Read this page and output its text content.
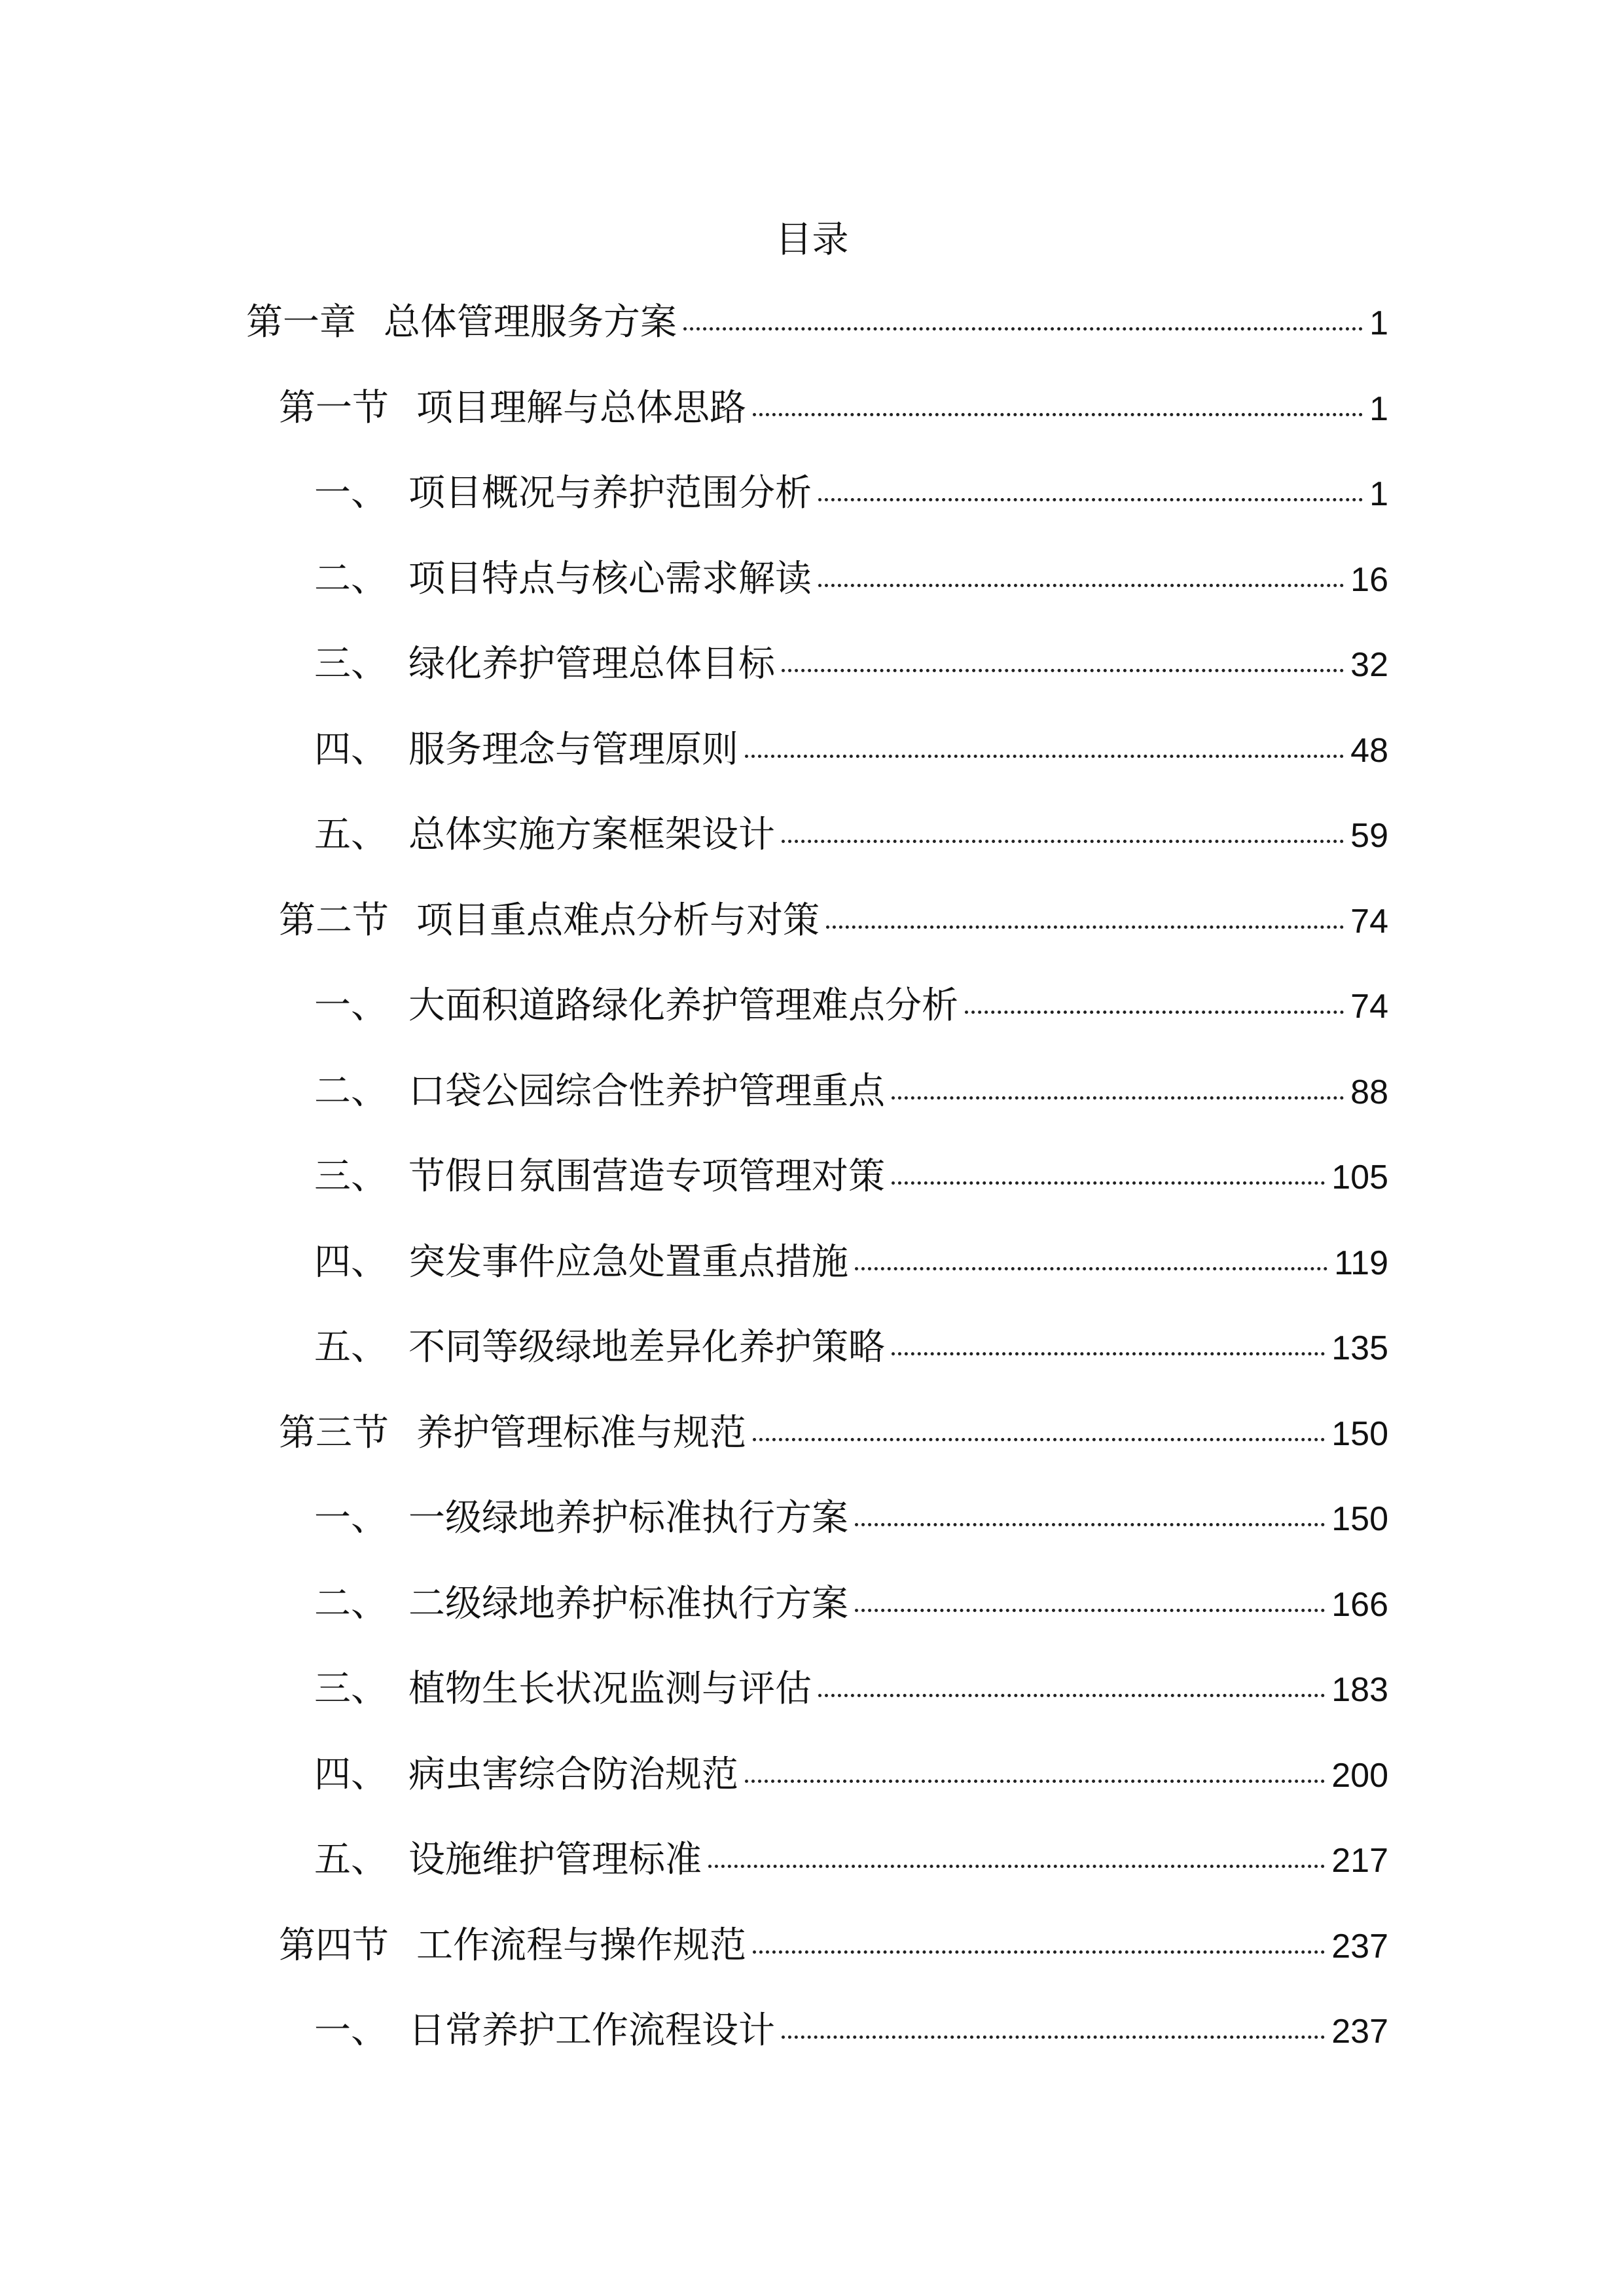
目录
第一章 总体管理服务方案	1
第一节 项目理解与总体思路	1
一、 项目概况与养护范围分析	1
二、 项目特点与核心需求解读	16
三、 绿化养护管理总体目标	32
四、 服务理念与管理原则	48
五、 总体实施方案框架设计	59
第二节 项目重点难点分析与对策	74
一、 大面积道路绿化养护管理难点分析	74
二、 口袋公园综合性养护管理重点	88
三、 节假日氛围营造专项管理对策	105
四、 突发事件应急处置重点措施	119
五、 不同等级绿地差异化养护策略	135
第三节 养护管理标准与规范	150
一、 一级绿地养护标准执行方案	150
二、 二级绿地养护标准执行方案	166
三、 植物生长状况监测与评估	183
四、 病虫害综合防治规范	200
五、 设施维护管理标准	217
第四节 工作流程与操作规范	237
一、 日常养护工作流程设计	237
